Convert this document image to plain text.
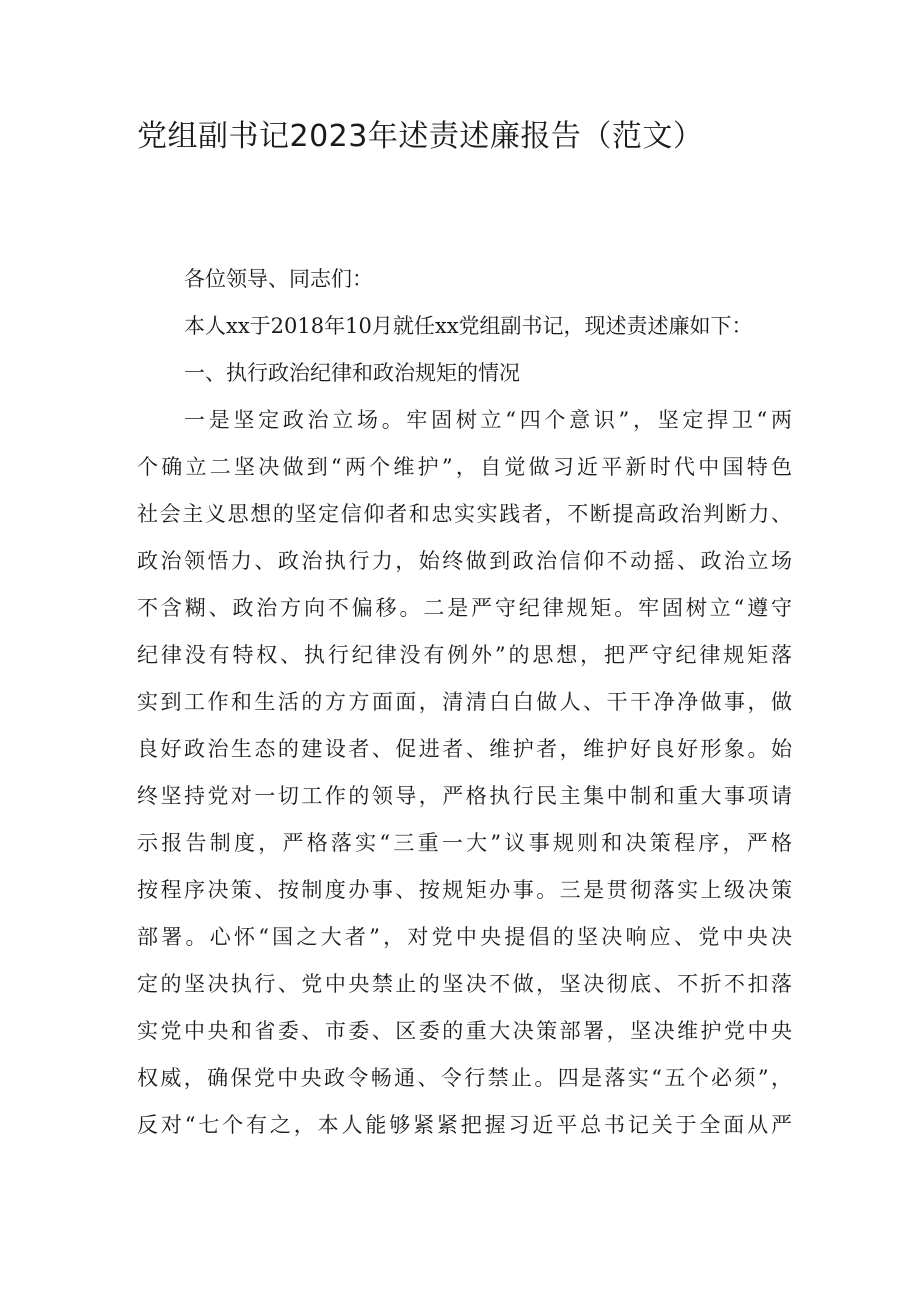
党组副书记2023年述责述廉报告（范文）
各位领导、同志们：
本人xx于2018年10月就任xx党组副书记，现述责述廉如下：
一、执行政治纪律和政治规矩的情况
一是坚定政治立场。牢固树立“四个意识”，坚定捍卫“两
个确立二坚决做到“两个维护”，自觉做习近平新时代中国特色
社会主义思想的坚定信仰者和忠实实践者，不断提高政治判断力、
政治领悟力、政治执行力，始终做到政治信仰不动摇、政治立场
不含糊、政治方向不偏移。二是严守纪律规矩。牢固树立“遵守
纪律没有特权、执行纪律没有例外”的思想，把严守纪律规矩落
实到工作和生活的方方面面，清清白白做人、干干净净做事，做
良好政治生态的建设者、促进者、维护者，维护好良好形象。始
终坚持党对一切工作的领导，严格执行民主集中制和重大事项请
示报告制度，严格落实“三重一大”议事规则和决策程序，严格
按程序决策、按制度办事、按规矩办事。三是贯彻落实上级决策
部署。心怀“国之大者”，对党中央提倡的坚决响应、党中央决
定的坚决执行、党中央禁止的坚决不做，坚决彻底、不折不扣落
实党中央和省委、市委、区委的重大决策部署，坚决维护党中央
权威，确保党中央政令畅通、令行禁止。四是落实“五个必须”，
反对“七个有之，本人能够紧紧把握习近平总书记关于全面从严
